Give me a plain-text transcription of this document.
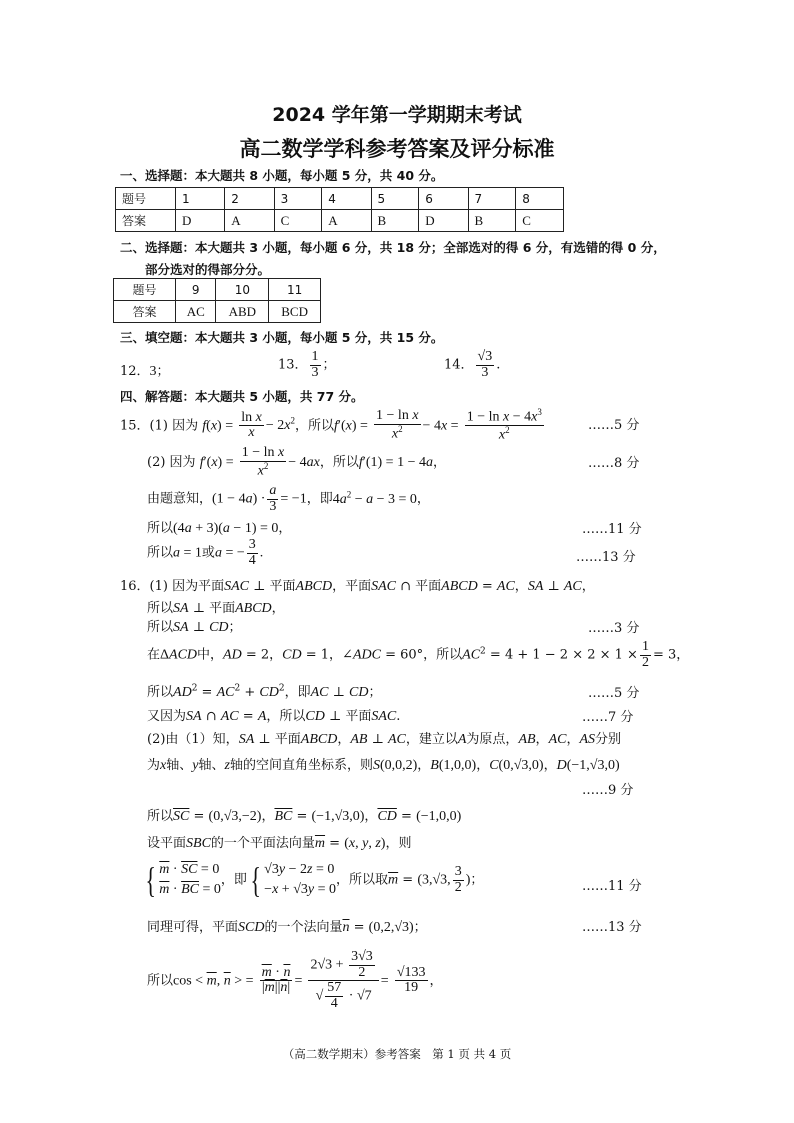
2024 学年第一学期期末考试
高二数学学科参考答案及评分标准
一、选择题：本大题共 8 小题，每小题 5 分，共 40 分。
题号	1	2	3	4	5	6	7	8
答案	D	A	C	A	B	D	B	C
二、选择题：本大题共 3 小题，每小题 6 分，共 18 分；全部选对的得 6 分，有选错的得 0 分，
部分选对的得部分分。
题号	9	10	11
答案	AC	ABD	BCD
三、填空题：本大题共 3 小题，每小题 5 分，共 15 分。
12．3；	13． $\frac{1}{3}$ ；	14． $\frac{√3}{3}$ .
四、解答题：本大题共 5 小题，共 77 分。
15．(1) 因为 $f(x) = \frac{\text{ln x}}{x} - 2x^2$，所以$f'(x) = \frac{\text{1 − ln x}}{x^2} - 4x = \frac{1 - \ln x - 4x^3}{x^2}$	……5 分
(2) 因为 $f'(x) = \frac{\text{1 − ln x}}{x^2} - 4ax$，所以f′(1) = 1 − 4a，	……8 分
由题意知，$(1 - 4a) \cdot \frac{a}{3} = -1$，即$4a^2 - a - 3 = 0$，
所以(4a + 3)(a − 1) = 0，	……11 分
所以a = 1或a = − $\frac{3}{4}$ .	……13 分
16．(1) 因为平面SAC ⊥ 平面ABCD，平面SAC ∩ 平面ABCD = AC，SA ⊥ AC，
所以SA ⊥ 平面ABCD，
所以SA ⊥ CD；	……3 分
在ΔACD中，AD = 2，CD = 1，∠ADC = 60°，所以$AC^2 = 4 + 1 - 2 \times 2 \times 1 \times \frac{1}{2} = 3$，
所以$AD^2 = AC^2 + CD^2$，即AC ⊥ CD；	……5 分
又因为SA ∩ AC = A，所以CD ⊥ 平面SAC.	……7 分
(2)由（1）知，SA ⊥ 平面ABCD，AB ⊥ AC，建立以A为原点，AB，AC，AS分别
为x轴、y轴、z轴的空间直角坐标系，则S(0,0,2)，B(1,0,0)，C(0,√3,0)，D(−1,√3,0)
……9 分
所以$\overline{SC} = (0,√3,-2)$，$\overline{BC} = (-1,√3,0)$，$\overline{CD} = (-1,0,0)$
设平面SBC的一个平面法向量$\overline{m} = (x$, y, z)，则
{ $\overline{m} \cdot \overline{SC} = 0$
$\overline{m} \cdot \overline{BC} = 0$
，即{ √3y − 2z = 0
−x + √3y = 0
，所以取$\overline{m} = (3,√3$, $\frac{3}{2}$ )；	……11 分
同理可得，平面SCD的一个法向量$\overline{n} = (0,2,√3)$；	……13 分
所以$\cos < \overline{m}$, $\overline{n}$ > = $\frac{\overline{m} \cdot \overline{n}}{|\overline{m}||\overline{n}|} = \frac{2√3 + \frac{3√3}{2}}{√ \frac{57}{4} \cdot √7} = \frac{√133}{19}$ ，
（高二数学期末）参考答案　第 1 页 共 4 页
